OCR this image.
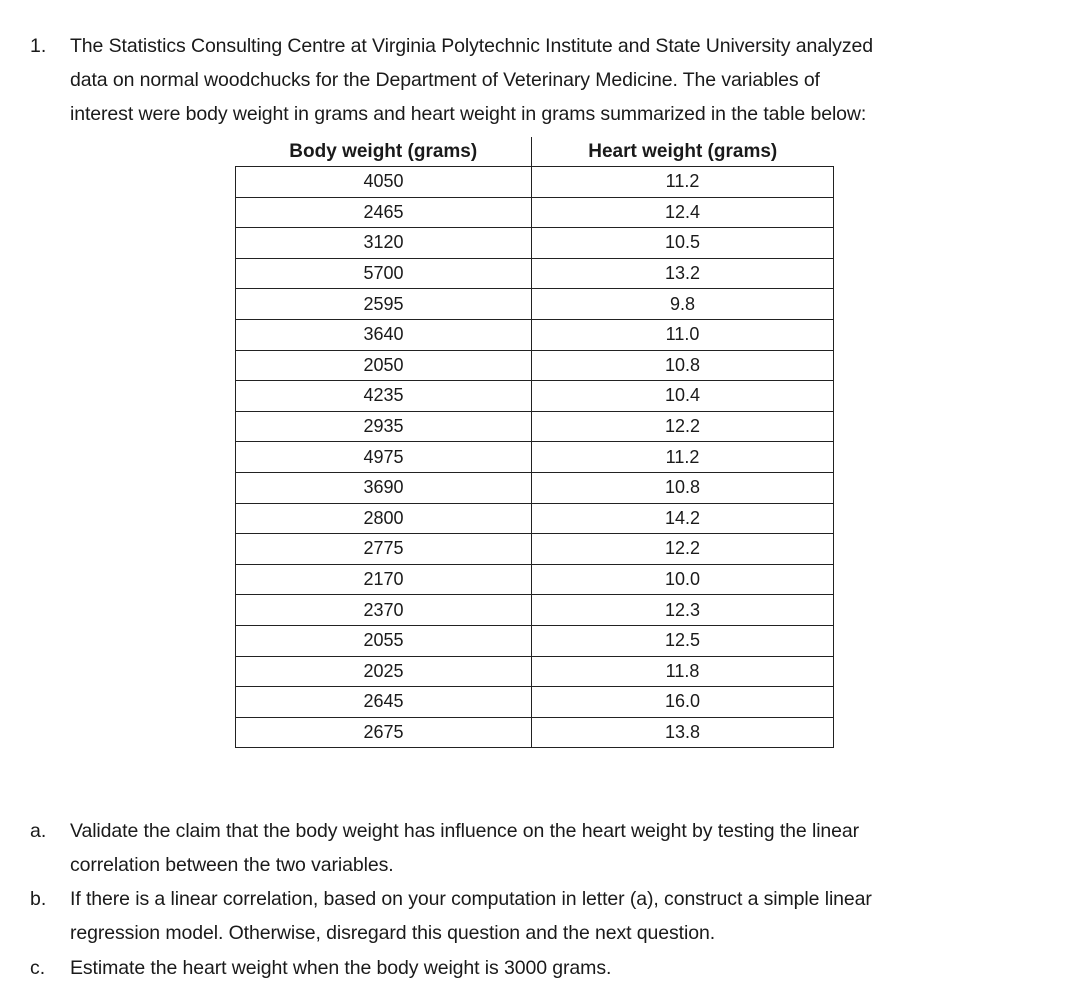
1. The Statistics Consulting Centre at Virginia Polytechnic Institute and State University analyzed
data on normal woodchucks for the Department of Veterinary Medicine. The variables of
interest were body weight in grams and heart weight in grams summarized in the table below:
Body weight (grams)	Heart weight (grams)
4050	11.2
2465	12.4
3120	10.5
5700	13.2
2595	9.8
3640	11.0
2050	10.8
4235	10.4
2935	12.2
4975	11.2
3690	10.8
2800	14.2
2775	12.2
2170	10.0
2370	12.3
2055	12.5
2025	11.8
2645	16.0
2675	13.8
a. Validate the claim that the body weight has influence on the heart weight by testing the linear
correlation between the two variables.
b. If there is a linear correlation, based on your computation in letter (a), construct a simple linear
regression model. Otherwise, disregard this question and the next question.
c. Estimate the heart weight when the body weight is 3000 grams.
